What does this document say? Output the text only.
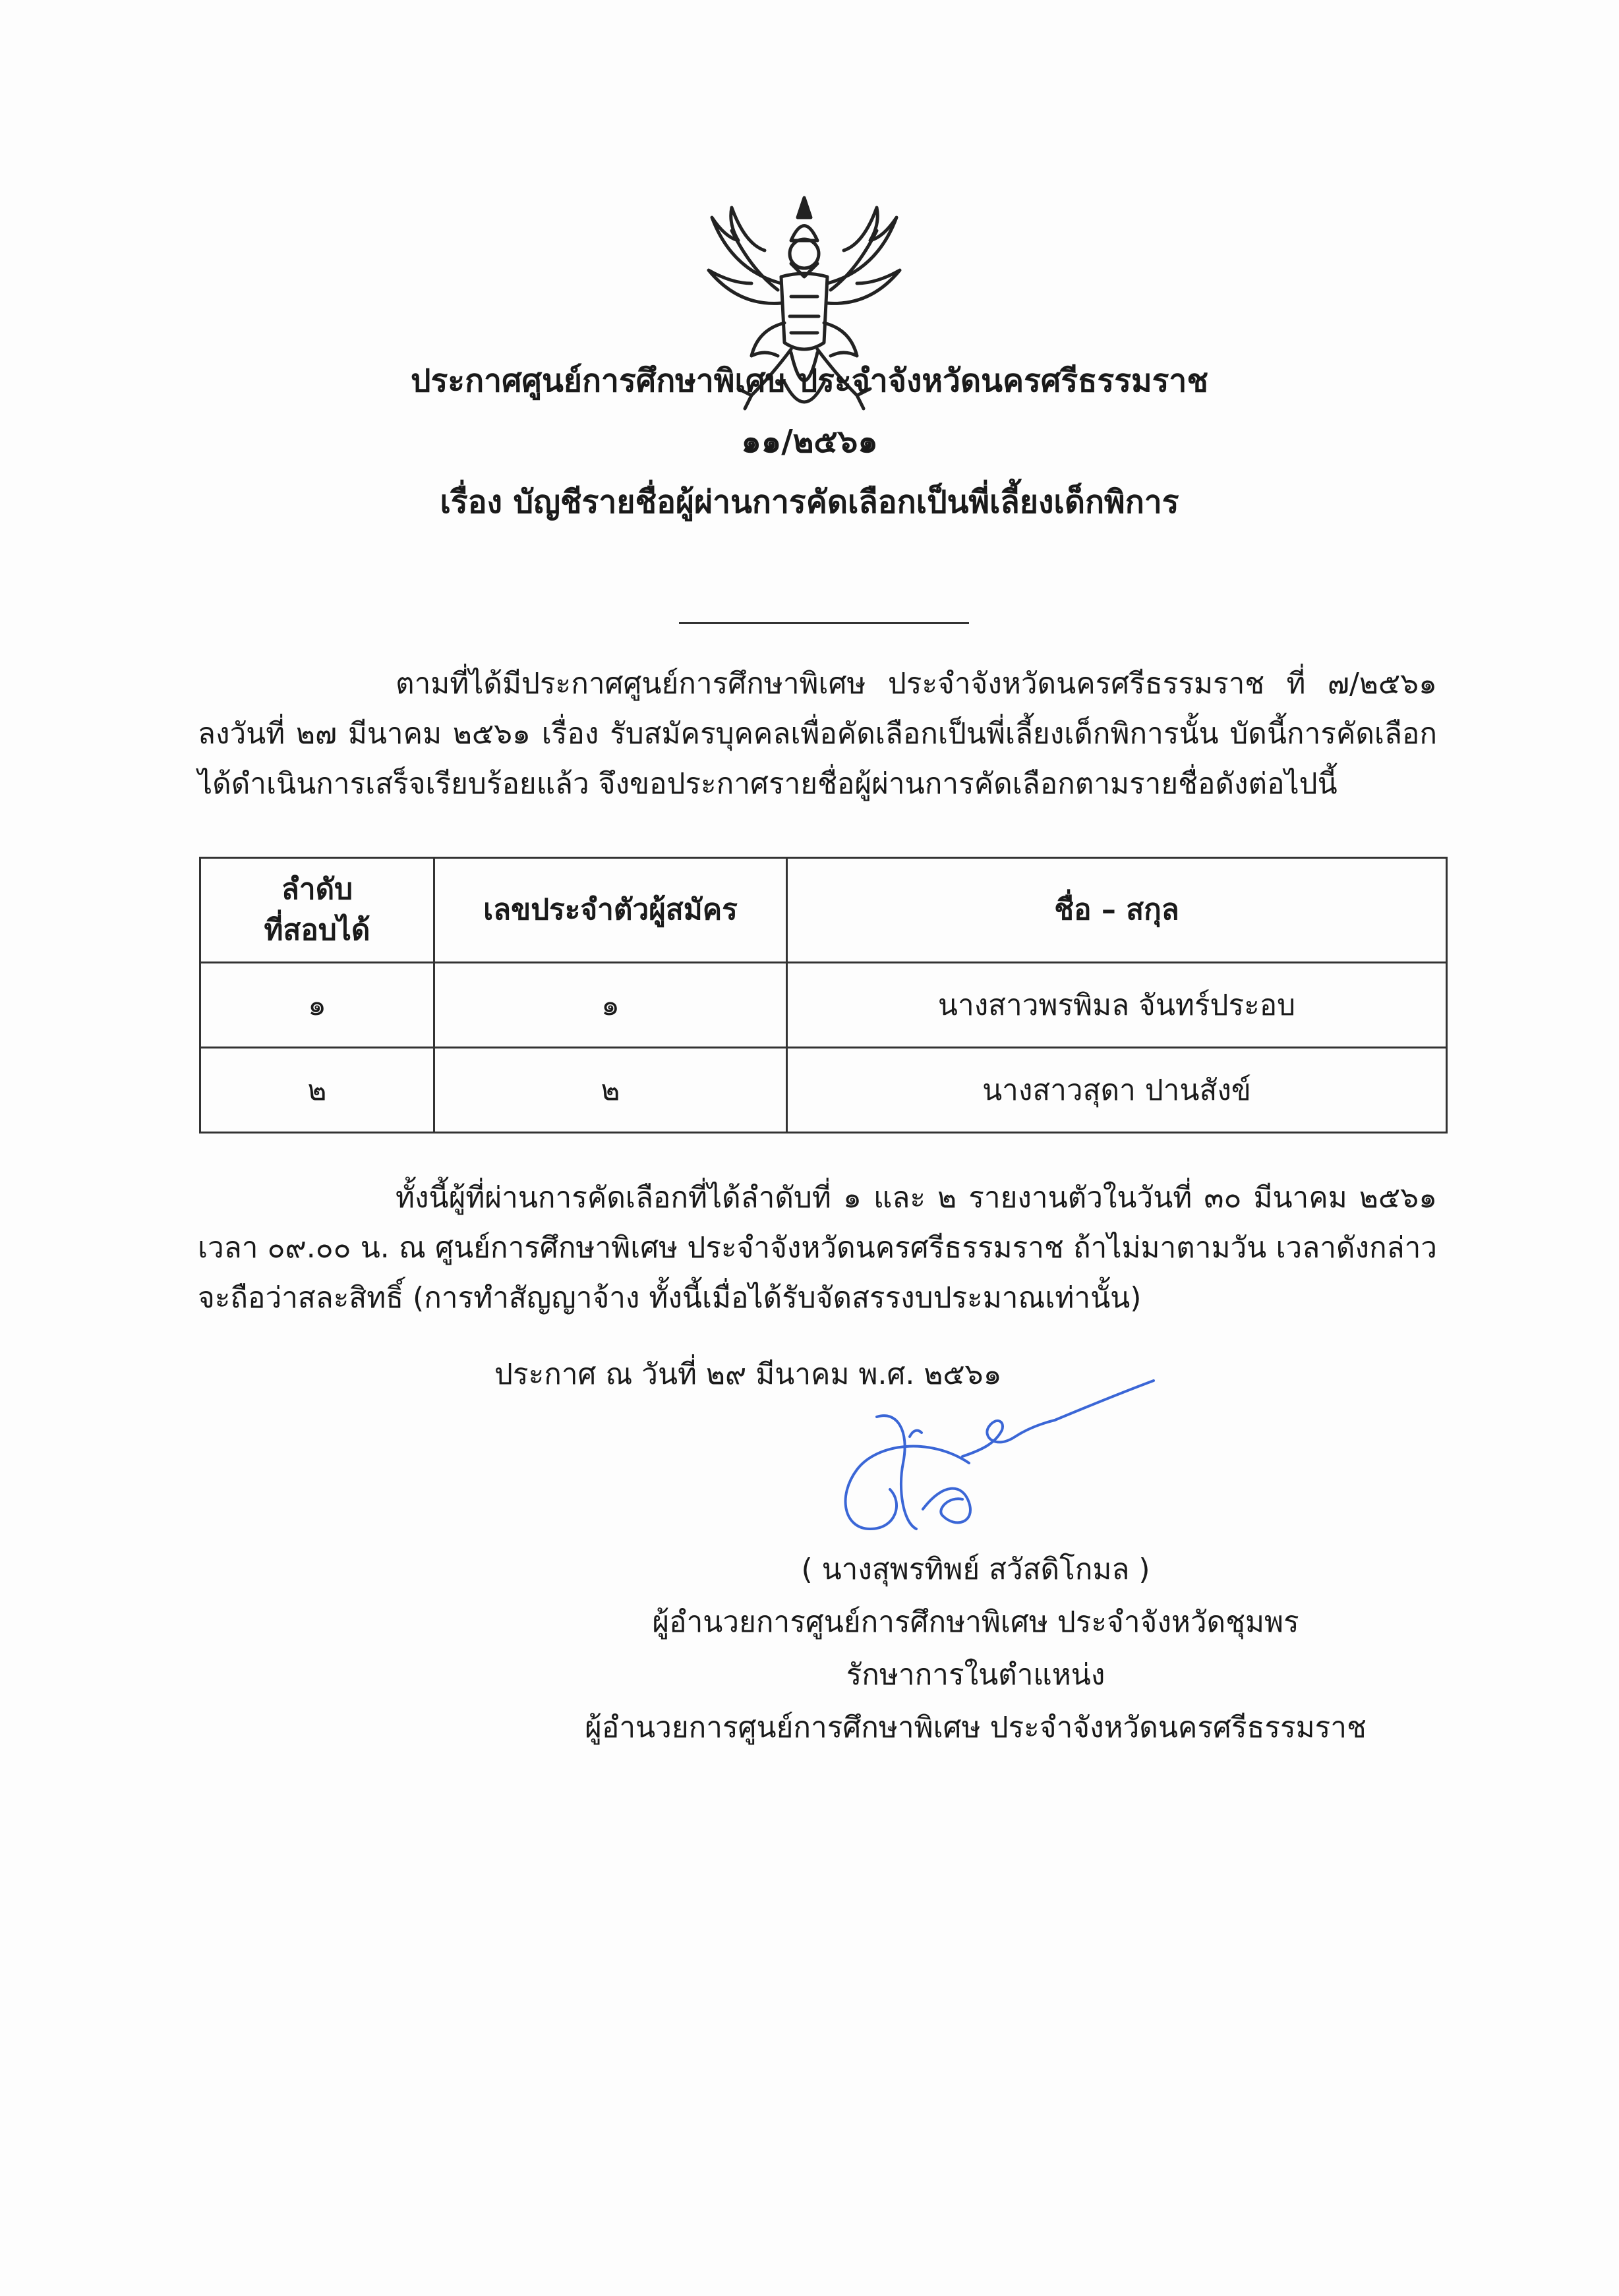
ประกาศศูนย์การศึกษาพิเศษ ประจำจังหวัดนครศรีธรรมราช
๑๑/๒๕๖๑
เรื่อง บัญชีรายชื่อผู้ผ่านการคัดเลือกเป็นพี่เลี้ยงเด็กพิการ
ตามที่ได้มีประกาศศูนย์การศึกษาพิเศษ ประจำจังหวัดนครศรีธรรมราช ที่ ๗/๒๕๖๑
ลงวันที่ ๒๗ มีนาคม ๒๕๖๑ เรื่อง รับสมัครบุคคลเพื่อคัดเลือกเป็นพี่เลี้ยงเด็กพิการนั้น บัดนี้การคัดเลือก
ได้ดำเนินการเสร็จเรียบร้อยแล้ว จึงขอประกาศรายชื่อผู้ผ่านการคัดเลือกตามรายชื่อดังต่อไปนี้
ลำดับ
ที่สอบได้	เลขประจำตัวผู้สมัคร	ชื่อ – สกุล
๑	๑	นางสาวพรพิมล จันทร์ประอบ
๒	๒	นางสาวสุดา ปานสังข์
ทั้งนี้ผู้ที่ผ่านการคัดเลือกที่ได้ลำดับที่ ๑ และ ๒ รายงานตัวในวันที่ ๓๐ มีนาคม ๒๕๖๑
เวลา ๐๙.๐๐ น. ณ ศูนย์การศึกษาพิเศษ ประจำจังหวัดนครศรีธรรมราช ถ้าไม่มาตามวัน เวลาดังกล่าว
จะถือว่าสละสิทธิ์ (การทำสัญญาจ้าง ทั้งนี้เมื่อได้รับจัดสรรงบประมาณเท่านั้น)
ประกาศ ณ วันที่ ๒๙ มีนาคม พ.ศ. ๒๕๖๑
( นางสุพรทิพย์ สวัสดิโกมล )
ผู้อำนวยการศูนย์การศึกษาพิเศษ ประจำจังหวัดชุมพร
รักษาการในตำแหน่ง
ผู้อำนวยการศูนย์การศึกษาพิเศษ ประจำจังหวัดนครศรีธรรมราช
